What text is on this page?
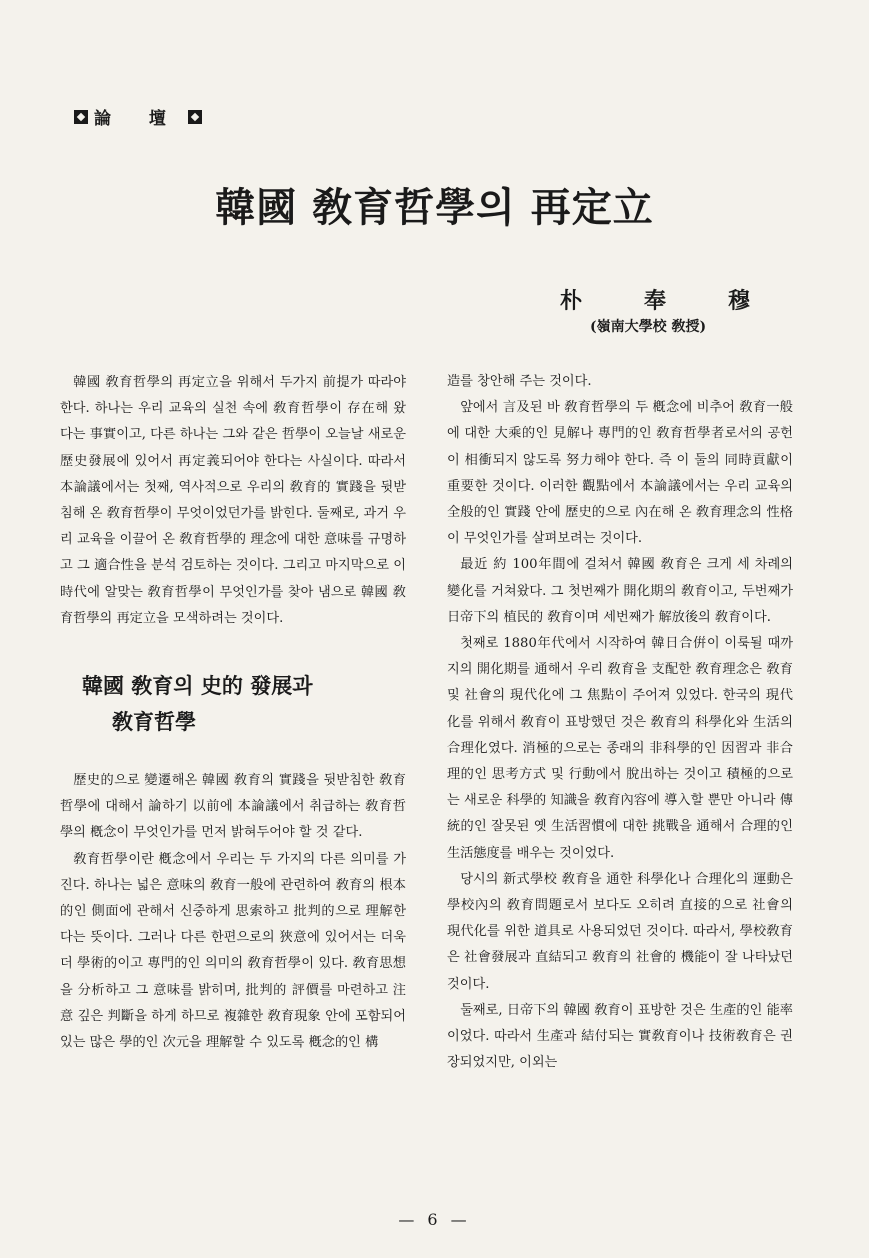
論 壇
韓國 敎育哲學의 再定立
朴	奉	穆
(嶺南大學校 敎授)

韓國 敎育哲學의 再定立을 위해서 두가지 前提가 따라야 한다. 하나는 우리 교육의 실천 속에 敎育哲學이 存在해 왔다는 事實이고, 다른 하나는 그와 같은 哲學이 오늘날 새로운 歷史發展에 있어서 再定義되어야 한다는 사실이다. 따라서 本論議에서는 첫째, 역사적으로 우리의 敎育的 實踐을 뒷받침해 온 敎育哲學이 무엇이었던가를 밝힌다. 둘째로, 과거 우리 교육을 이끌어 온 敎育哲學的 理念에 대한 意味를 규명하고 그 適合性을 분석 검토하는 것이다. 그리고 마지막으로 이 時代에 알맞는 敎育哲學이 무엇인가를 찾아 냄으로 韓國 敎育哲學의 再定立을 모색하려는 것이다.

韓國 敎育의 史的 發展과
敎育哲學

歷史的으로 變遷해온 韓國 敎育의 實踐을 뒷받침한 敎育哲學에 대해서 論하기 以前에 本論議에서 취급하는 敎育哲學의 槪念이 무엇인가를 먼저 밝혀두어야 할 것 같다.

敎育哲學이란 槪念에서 우리는 두 가지의 다른 의미를 가진다. 하나는 넓은 意味의 敎育一般에 관련하여 敎育의 根本的인 側面에 관해서 신중하게 思索하고 批判的으로 理解한다는 뜻이다. 그러나 다른 한편으로의 狹意에 있어서는 더욱 더 學術的이고 專門的인 의미의 敎育哲學이 있다. 敎育思想을 分析하고 그 意味를 밝히며, 批判的 評價를 마련하고 注意 깊은 判斷을 하게 하므로 複雜한 敎育現象 안에 포함되어 있는 많은 學的인 次元을 理解할 수 있도록 槪念的인 構

造를 창안해 주는 것이다.

앞에서 言及된 바 敎育哲學의 두 槪念에 비추어 敎育一般에 대한 大乘的인 見解나 專門的인 敎育哲學者로서의 공헌이 相衝되지 않도록 努力해야 한다. 즉 이 둘의 同時貢獻이 重要한 것이다. 이러한 觀點에서 本論議에서는 우리 교육의 全般的인 實踐 안에 歷史的으로 內在해 온 敎育理念의 性格이 무엇인가를 살펴보려는 것이다.

最近 約 100年間에 걸쳐서 韓國 敎育은 크게 세 차례의 變化를 거쳐왔다. 그 첫번째가 開化期의 敎育이고, 두번째가 日帝下의 植民的 敎育이며 세번째가 解放後의 敎育이다.

첫째로 1880年代에서 시작하여 韓日合倂이 이룩될 때까지의 開化期를 通해서 우리 敎育을 支配한 敎育理念은 敎育 및 社會의 現代化에 그 焦點이 주어져 있었다. 한국의 現代化를 위해서 敎育이 표방했던 것은 敎育의 科學化와 生活의 合理化였다. 消極的으로는 종래의 非科學的인 因習과 非合理的인 思考方式 및 行動에서 脫出하는 것이고 積極的으로는 새로운 科學的 知識을 敎育內容에 導入할 뿐만 아니라 傳統的인 잘못된 옛 生活習慣에 대한 挑戰을 通해서 合理的인 生活態度를 배우는 것이었다.

당시의 新式學校 敎育을 通한 科學化나 合理化의 運動은 學校內의 敎育問題로서 보다도 오히려 直接的으로 社會의 現代化를 위한 道具로 사용되었던 것이다. 따라서, 學校敎育은 社會發展과 直結되고 敎育의 社會的 機能이 잘 나타났던 것이다.

둘째로, 日帝下의 韓國 敎育이 표방한 것은 生產的인 能率이었다. 따라서 生產과 結付되는 實敎育이나 技術敎育은 권장되었지만, 이외는

— 6 —
